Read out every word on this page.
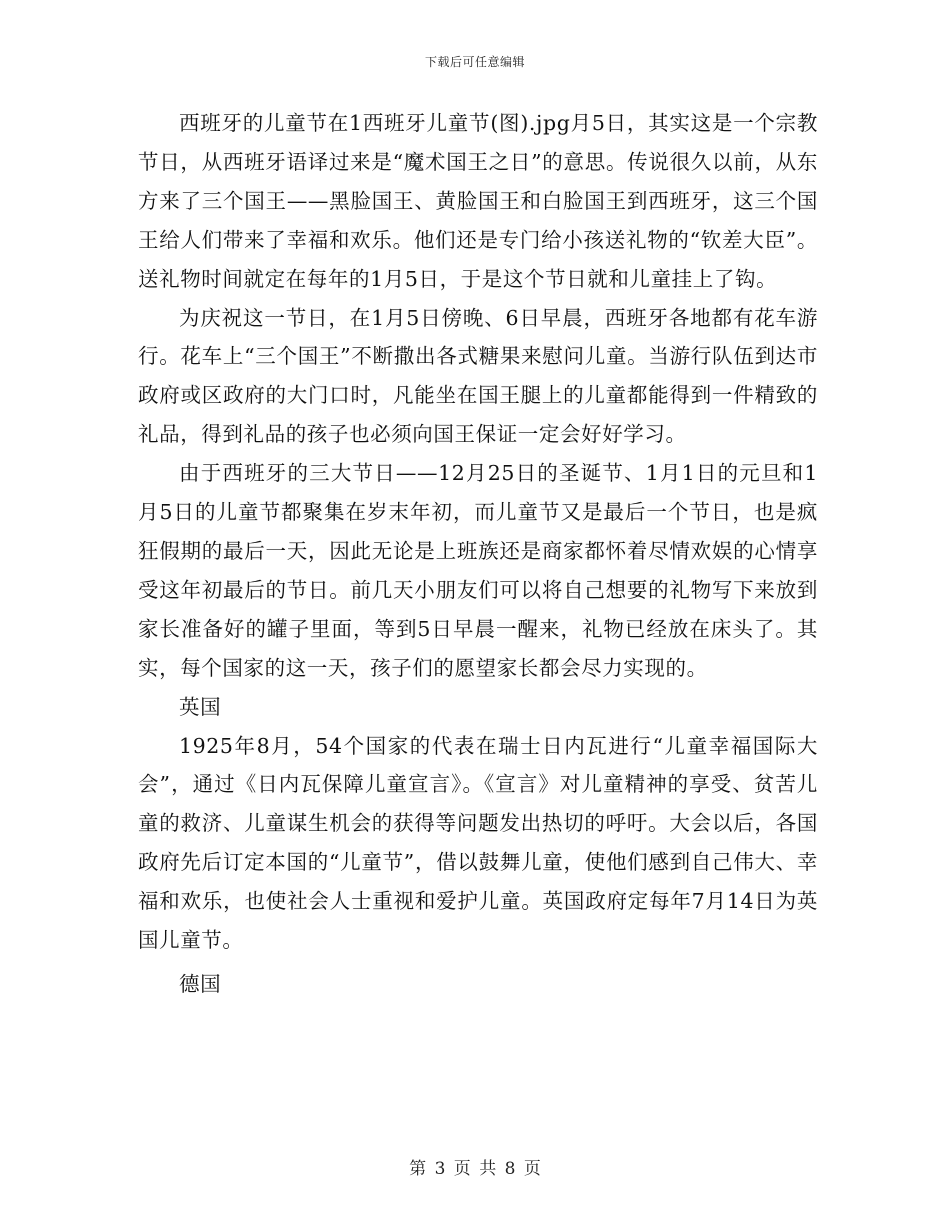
下载后可任意编辑

西班牙的儿童节在1西班牙儿童节(图).jpg月5日，其实这是一个宗教节日，从西班牙语译过来是“魔术国王之日”的意思。传说很久以前，从东方来了三个国王——黑脸国王、黄脸国王和白脸国王到西班牙，这三个国王给人们带来了幸福和欢乐。他们还是专门给小孩送礼物的“钦差大臣”。送礼物时间就定在每年的1月5日，于是这个节日就和儿童挂上了钩。

为庆祝这一节日，在1月5日傍晚、6日早晨，西班牙各地都有花车游行。花车上“三个国王”不断撒出各式糖果来慰问儿童。当游行队伍到达市政府或区政府的大门口时，凡能坐在国王腿上的儿童都能得到一件精致的礼品，得到礼品的孩子也必须向国王保证一定会好好学习。

由于西班牙的三大节日——12月25日的圣诞节、1月1日的元旦和1月5日的儿童节都聚集在岁末年初，而儿童节又是最后一个节日，也是疯狂假期的最后一天，因此无论是上班族还是商家都怀着尽情欢娱的心情享受这年初最后的节日。前几天小朋友们可以将自己想要的礼物写下来放到家长准备好的罐子里面，等到5日早晨一醒来，礼物已经放在床头了。其实，每个国家的这一天，孩子们的愿望家长都会尽力实现的。

英国

1925年8月，54个国家的代表在瑞士日内瓦进行“儿童幸福国际大会”，通过《日内瓦保障儿童宣言》。《宣言》对儿童精神的享受、贫苦儿童的救济、儿童谋生机会的获得等问题发出热切的呼吁。大会以后，各国政府先后订定本国的“儿童节”，借以鼓舞儿童，使他们感到自己伟大、幸福和欢乐，也使社会人士重视和爱护儿童。英国政府定每年7月14日为英国儿童节。

德国

第 3 页 共 8 页
